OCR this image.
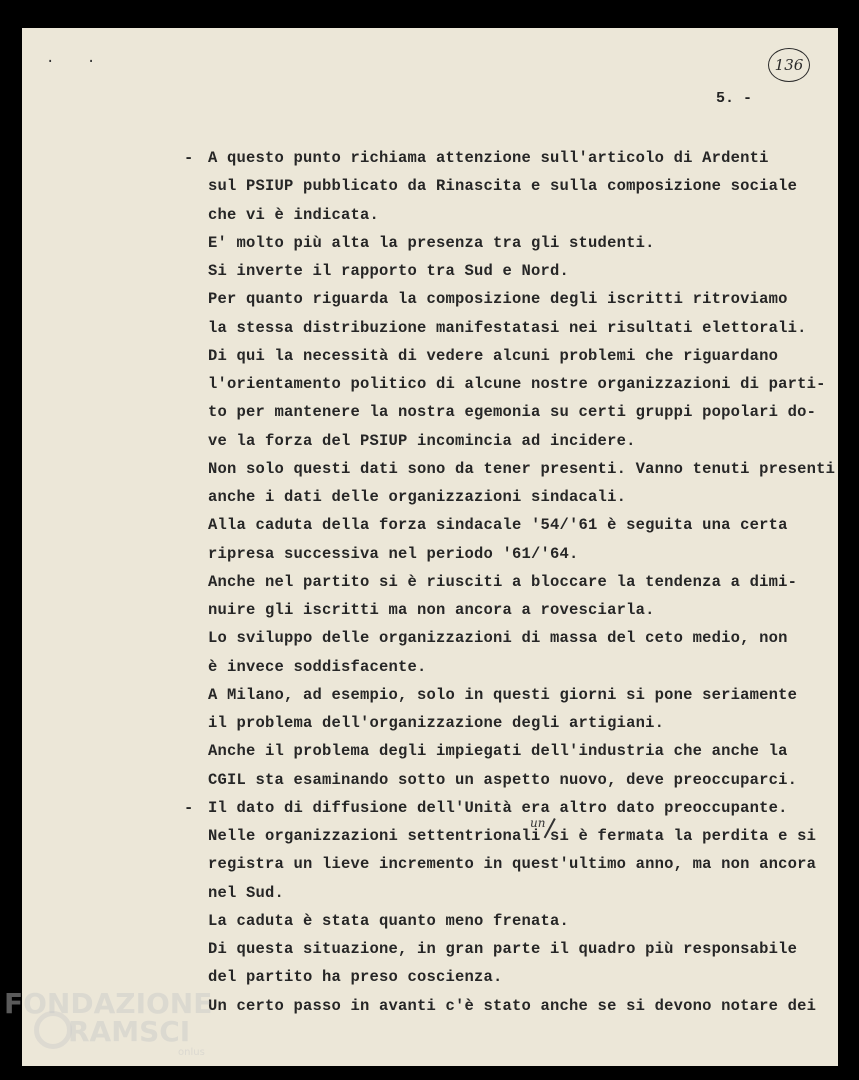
. .	136
5. -
- A questo punto richiama attenzione sull'articolo di Ardenti
sul PSIUP pubblicato da Rinascita e sulla composizione sociale
che vi è indicata.
E' molto più alta la presenza tra gli studenti.
Si inverte il rapporto tra Sud e Nord.
Per quanto riguarda la composizione degli iscritti ritroviamo
la stessa distribuzione manifestatasi nei risultati elettorali.
Di qui la necessità di vedere alcuni problemi che riguardano
l'orientamento politico di alcune nostre organizzazioni di parti-
to per mantenere la nostra egemonia su certi gruppi popolari do-
ve la forza del PSIUP incomincia ad incidere.
Non solo questi dati sono da tener presenti. Vanno tenuti presenti
anche i dati delle organizzazioni sindacali.
Alla caduta della forza sindacale '54/'61 è seguita una certa
ripresa successiva nel periodo '61/'64.
Anche nel partito si è riusciti a bloccare la tendenza a dimi-
nuire gli iscritti ma non ancora a rovesciarla.
Lo sviluppo delle organizzazioni di massa del ceto medio, non
è invece soddisfacente.
A Milano, ad esempio, solo in questi giorni si pone seriamente
il problema dell'organizzazione degli artigiani.
Anche il problema degli impiegati dell'industria che anche la
CGIL sta esaminando sotto un aspetto nuovo, deve preoccuparci.
- Il dato di diffusione dell'Unità era altro dato preoccupante.
Nelle organizzazioni settentrionali si è fermata la perdita e si
registra un lieve incremento in quest'ultimo anno, ma non ancora
nel Sud.
La caduta è stata quanto meno frenata.
Di questa situazione, in gran parte il quadro più responsabile
del partito ha preso coscienza.
Un certo passo in avanti c'è stato anche se si devono notare dei
un
FONDAZIONE
RAMSCI
onlus
